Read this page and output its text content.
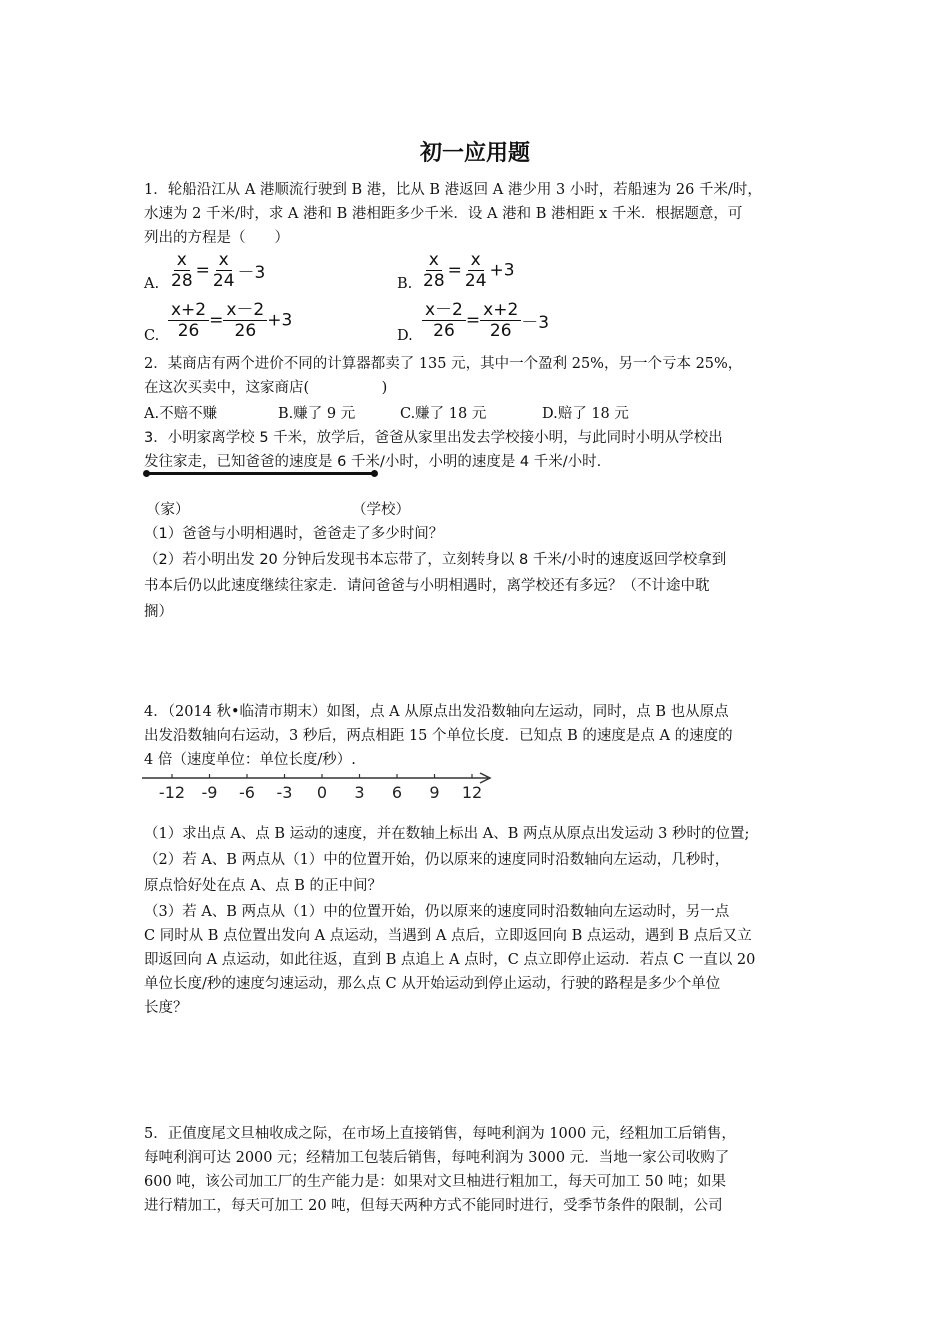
初一应用题
1．轮船沿江从 A 港顺流行驶到 B 港，比从 B 港返回 A 港少用 3 小时，若船速为 26 千米/时，
水速为 2 千米/时，求 A 港和 B 港相距多少千米．设 A 港和 B 港相距 x 千米．根据题意，可
列出的方程是（　　）
A. $\frac{x}{28} = \frac{x}{24} -3$
B. $\frac{x}{28} = \frac{x}{24} +3$
C. $\frac{x+2}{26} = \frac{x-2}{26} +3$
D. $\frac{x-2}{26} = \frac{x+2}{26} -3$
2．某商店有两个进价不同的计算器都卖了 135 元，其中一个盈利 25%，另一个亏本 25%，
在这次买卖中，这家商店(　　　　　)
A.不赔不赚	B.赚了 9 元	C.赚了 18 元	D.赔了 18 元
3．小明家离学校 5 千米，放学后，爸爸从家里出发去学校接小明，与此同时小明从学校出
发往家走，已知爸爸的速度是 6 千米/小时，小明的速度是 4 千米/小时.
（家）	（学校）
（1）爸爸与小明相遇时，爸爸走了多少时间？
（2）若小明出发 20 分钟后发现书本忘带了，立刻转身以 8 千米/小时的速度返回学校拿到
书本后仍以此速度继续往家走．请问爸爸与小明相遇时，离学校还有多远？（不计途中耽
搁）
4．（2014 秋•临清市期末）如图，点 A 从原点出发沿数轴向左运动，同时，点 B 也从原点
出发沿数轴向右运动，3 秒后，两点相距 15 个单位长度．已知点 B 的速度是点 A 的速度的
4 倍（速度单位：单位长度/秒）.
-12 -9 -6 -3 0 3 6 9 12
（1）求出点 A、点 B 运动的速度，并在数轴上标出 A、B 两点从原点出发运动 3 秒时的位置;
（2）若 A、B 两点从（1）中的位置开始，仍以原来的速度同时沿数轴向左运动，几秒时，
原点恰好处在点 A、点 B 的正中间？
（3）若 A、B 两点从（1）中的位置开始，仍以原来的速度同时沿数轴向左运动时，另一点
C 同时从 B 点位置出发向 A 点运动，当遇到 A 点后，立即返回向 B 点运动，遇到 B 点后又立
即返回向 A 点运动，如此往返，直到 B 点追上 A 点时，C 点立即停止运动．若点 C 一直以 20
单位长度/秒的速度匀速运动，那么点 C 从开始运动到停止运动，行驶的路程是多少个单位
长度？
5．正值度尾文旦柚收成之际，在市场上直接销售，每吨利润为 1000 元，经粗加工后销售，
每吨利润可达 2000 元；经精加工包装后销售，每吨利润为 3000 元．当地一家公司收购了
600 吨，该公司加工厂的生产能力是：如果对文旦柚进行粗加工，每天可加工 50 吨；如果
进行精加工，每天可加工 20 吨，但每天两种方式不能同时进行，受季节条件的限制，公司
